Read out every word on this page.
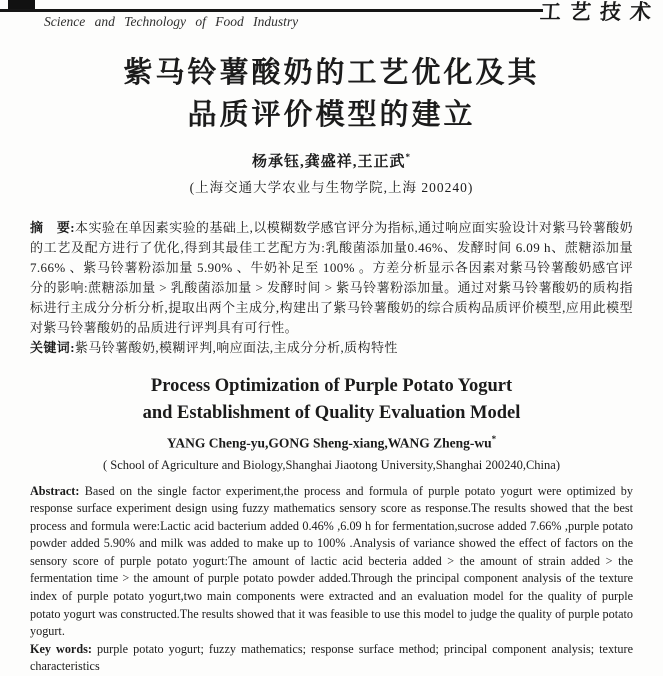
工艺技术
Science and Technology of Food Industry
紫马铃薯酸奶的工艺优化及其
品质评价模型的建立
杨承钰,龚盛祥,王正武*
(上海交通大学农业与生物学院,上海 200240)

摘　要:本实验在单因素实验的基础上,以模糊数学感官评分为指标,通过响应面实验设计对紫马铃薯酸奶的工艺及配方进行了优化,得到其最佳工艺配方为:乳酸菌添加量0.46%、发酵时间 6.09 h、蔗糖添加量 7.66% 、紫马铃薯粉添加量 5.90% 、牛奶补足至 100% 。方差分析显示各因素对紫马铃薯酸奶感官评分的影响:蔗糖添加量 > 乳酸菌添加量 > 发酵时间 > 紫马铃薯粉添加量。通过对紫马铃薯酸奶的质构指标进行主成分分析分析,提取出两个主成分,构建出了紫马铃薯酸奶的综合质构品质评价模型,应用此模型对紫马铃薯酸奶的品质进行评判具有可行性。

关键词:紫马铃薯酸奶,模糊评判,响应面法,主成分分析,质构特性

Process Optimization of Purple Potato Yogurt
and Establishment of Quality Evaluation Model
YANG Cheng-yu,GONG Sheng-xiang,WANG Zheng-wu*
( School of Agriculture and Biology,Shanghai Jiaotong University,Shanghai 200240,China)

Abstract: Based on the single factor experiment,the process and formula of purple potato yogurt were optimized by response surface experiment design using fuzzy mathematics sensory score as response.The results showed that the best process and formula were:Lactic acid bacterium added 0.46% ,6.09 h for fermentation,sucrose added 7.66% ,purple potato powder added 5.90% and milk was added to make up to 100% .Analysis of variance showed the effect of factors on the sensory score of purple potato yogurt:The amount of lactic acid becteria added > the amount of strain added > the fermentation time > the amount of purple potato powder added.Through the principal component analysis of the texture index of purple potato yogurt,two main components were extracted and an evaluation model for the quality of purple potato yogurt was constructed.The results showed that it was feasible to use this model to judge the quality of purple potato yogurt.

Key words: purple potato yogurt; fuzzy mathematics; response surface method; principal component analysis; texture characteristics
